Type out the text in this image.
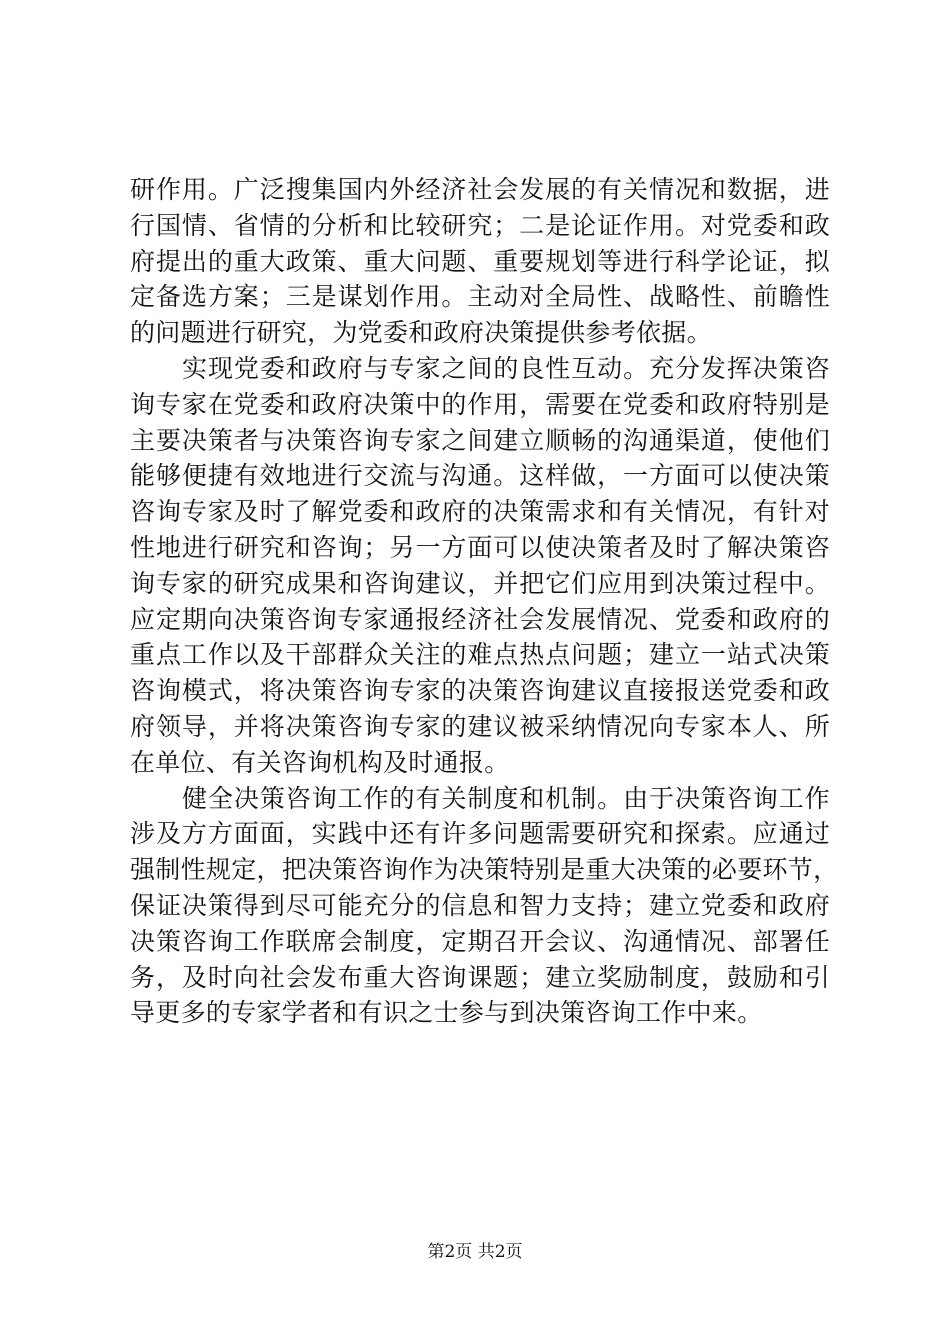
研作用。广泛搜集国内外经济社会发展的有关情况和数据，进
行国情、省情的分析和比较研究；二是论证作用。对党委和政
府提出的重大政策、重大问题、重要规划等进行科学论证，拟
定备选方案；三是谋划作用。主动对全局性、战略性、前瞻性
的问题进行研究，为党委和政府决策提供参考依据。
实现党委和政府与专家之间的良性互动。充分发挥决策咨
询专家在党委和政府决策中的作用，需要在党委和政府特别是
主要决策者与决策咨询专家之间建立顺畅的沟通渠道，使他们
能够便捷有效地进行交流与沟通。这样做，一方面可以使决策
咨询专家及时了解党委和政府的决策需求和有关情况，有针对
性地进行研究和咨询；另一方面可以使决策者及时了解决策咨
询专家的研究成果和咨询建议，并把它们应用到决策过程中。
应定期向决策咨询专家通报经济社会发展情况、党委和政府的
重点工作以及干部群众关注的难点热点问题；建立一站式决策
咨询模式，将决策咨询专家的决策咨询建议直接报送党委和政
府领导，并将决策咨询专家的建议被采纳情况向专家本人、所
在单位、有关咨询机构及时通报。
健全决策咨询工作的有关制度和机制。由于决策咨询工作
涉及方方面面，实践中还有许多问题需要研究和探索。应通过
强制性规定，把决策咨询作为决策特别是重大决策的必要环节，
保证决策得到尽可能充分的信息和智力支持；建立党委和政府
决策咨询工作联席会制度，定期召开会议、沟通情况、部署任
务，及时向社会发布重大咨询课题；建立奖励制度，鼓励和引
导更多的专家学者和有识之士参与到决策咨询工作中来。
第2页 共2页
